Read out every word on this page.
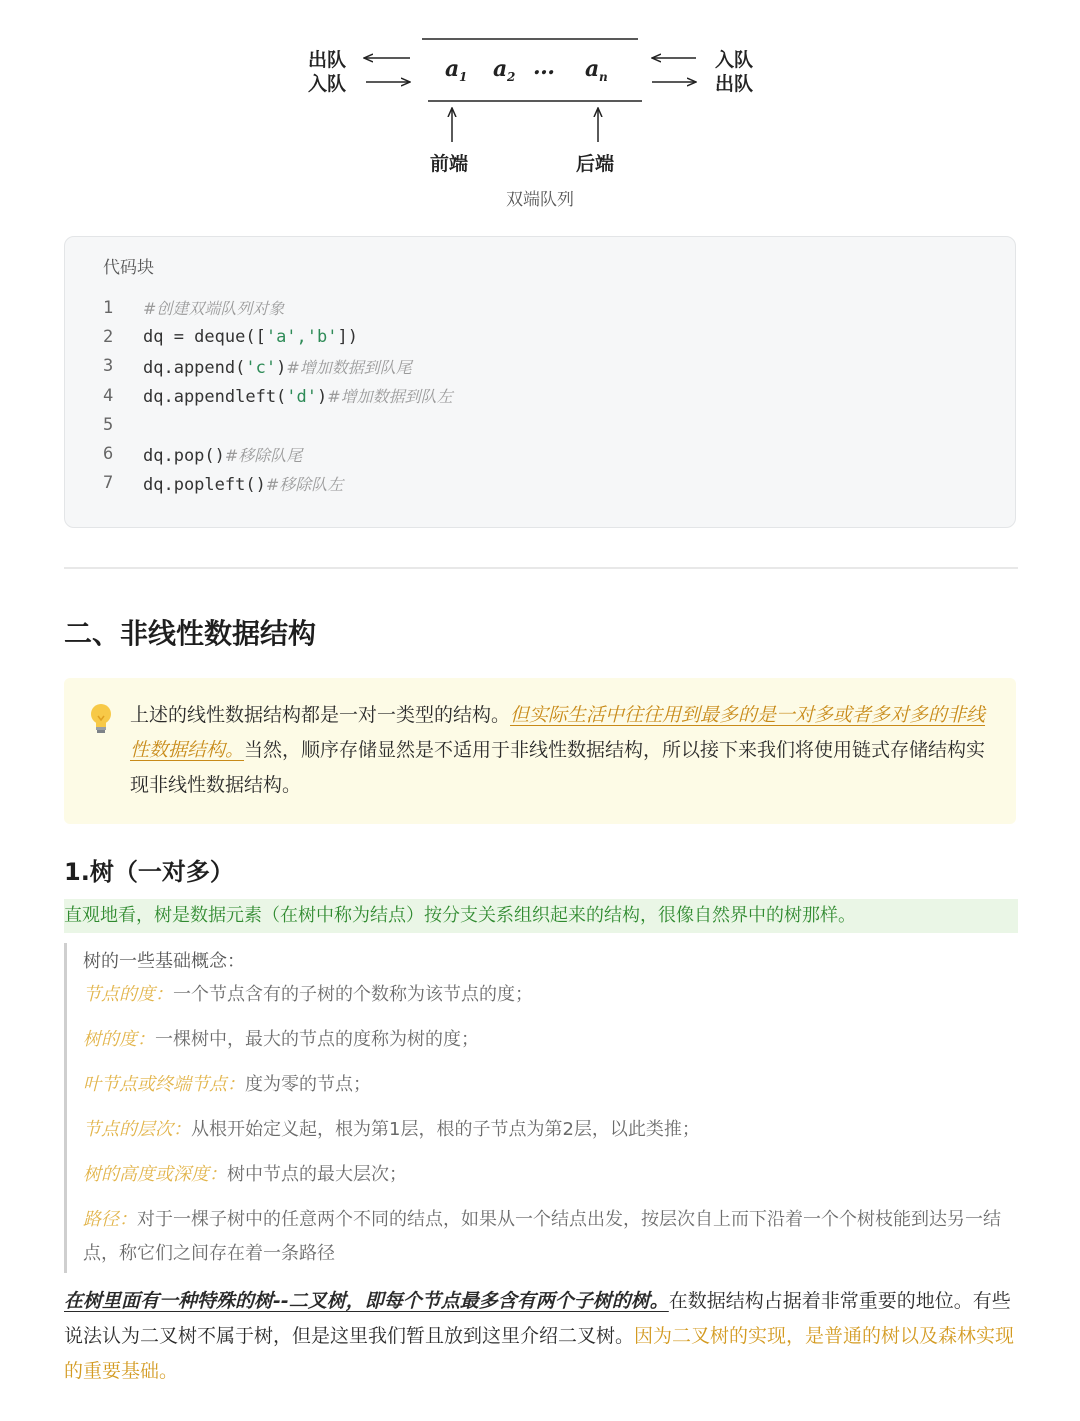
出队
入队
a 1 a 2 … a n
入队
出队
前端	后端
双端队列
代码块
1	#创建双端队列对象
2	dq = deque(['a','b'])
3	dq.append('c')#增加数据到队尾
4	dq.appendleft('d')#增加数据到队左
5
6	dq.pop()#移除队尾
7	dq.popleft()#移除队左
二、非线性数据结构
上述的线性数据结构都是一对一类型的结构。但实际生活中往往用到最多的是一对多或者多对多的非线性数据结构。当然，顺序存储显然是不适用于非线性数据结构，所以接下来我们将使用链式存储结构实现非线性数据结构。
1.树（一对多）
直观地看，树是数据元素（在树中称为结点）按分支关系组织起来的结构，很像自然界中的树那样。
树的一些基础概念：
节点的度：一个节点含有的子树的个数称为该节点的度；
树的度：一棵树中，最大的节点的度称为树的度；
叶节点或终端节点：度为零的节点；
节点的层次：从根开始定义起，根为第1层，根的子节点为第2层，以此类推；
树的高度或深度：树中节点的最大层次；
路径：对于一棵子树中的任意两个不同的结点，如果从一个结点出发，按层次自上而下沿着一个个树枝能到达另一结点，称它们之间存在着一条路径
在树里面有一种特殊的树--二叉树，即每个节点最多含有两个子树的树。在数据结构占据着非常重要的地位。有些说法认为二叉树不属于树，但是这里我们暂且放到这里介绍二叉树。因为二叉树的实现，是普通的树以及森林实现的重要基础。
